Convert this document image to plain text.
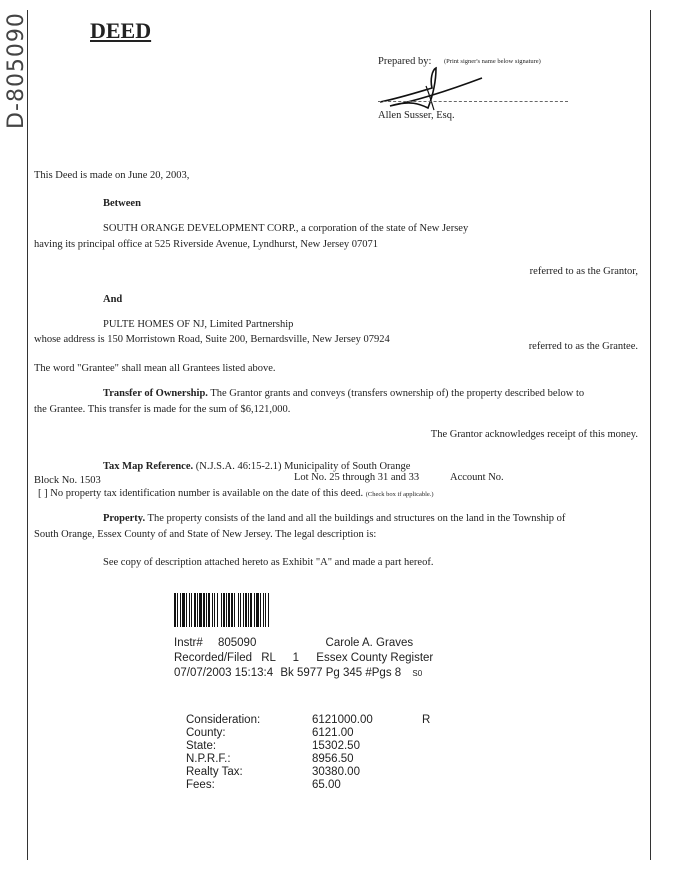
D-805090	DEED
Prepared by: (Print signer's name below signature)
Allen Susser, Esq.
This Deed is made on June 20, 2003,
Between
SOUTH ORANGE DEVELOPMENT CORP., a corporation of the state of New Jersey
having its principal office at 525 Riverside Avenue, Lyndhurst, New Jersey 07071
referred to as the Grantor,
And
PULTE HOMES OF NJ, Limited Partnership
whose address is 150 Morristown Road, Suite 200, Bernardsville, New Jersey 07924
referred to as the Grantee.
The word "Grantee" shall mean all Grantees listed above.
Transfer of Ownership. The Grantor grants and conveys (transfers ownership of) the property described below to
the Grantee. This transfer is made for the sum of $6,121,000.
The Grantor acknowledges receipt of this money.
Tax Map Reference. (N.J.S.A. 46:15-2.1) Municipality of South Orange
Block No. 1503	Lot No. 25 through 31 and 33	Account No.
[ ] No property tax identification number is available on the date of this deed. (Check box if applicable.)
Property. The property consists of the land and all the buildings and structures on the land in the Township of
South Orange, Essex County of and State of New Jersey. The legal description is:
See copy of description attached hereto as Exhibit "A" and made a part hereof.
Instr# 805090	Carole A. Graves
Recorded/Filed RL 1 Essex County Register
07/07/2003 15:13:4 Bk 5977 Pg 345 #Pgs 8 S0
Consideration:	6121000.00	R
County:	6121.00
State:	15302.50
N.P.R.F.:	8956.50
Realty Tax:	30380.00
Fees:	65.00
